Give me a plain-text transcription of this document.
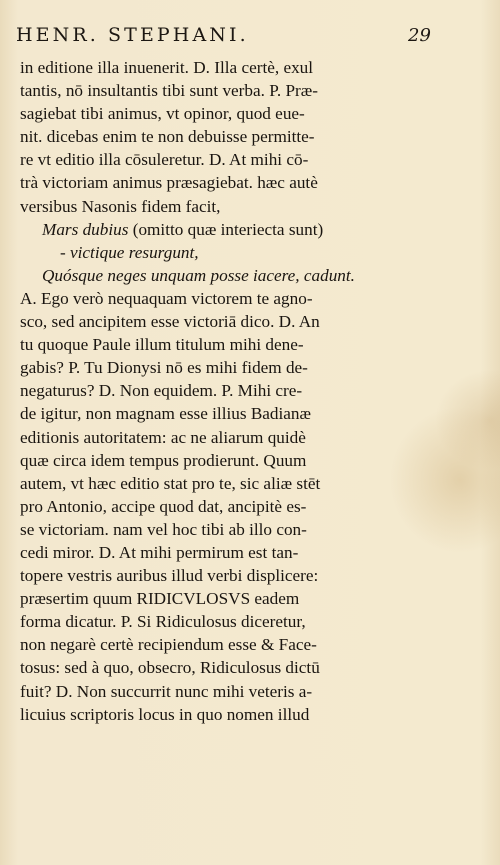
HENR. STEPHANI.	29
in editione illa inuenerit. D. Illa certè, exul
tantis, nō insultantis tibi sunt verba. P. Præ-
sagiebat tibi animus, vt opinor, quod eue-
nit. dicebas enim te non debuisse permitte-
re vt editio illa cōsuleretur. D. At mihi cō-
trà victoriam animus præsagiebat. hæc autè
versibus Nasonis fidem facit,
Mars dubius (omitto quæ interiecta sunt)
- victique resurgunt,
Quósque neges unquam posse iacere, cadunt.
A. Ego verò nequaquam victorem te agno-
sco, sed ancipitem esse victoriā dico. D. An
tu quoque Paule illum titulum mihi dene-
gabis? P. Tu Dionysi nō es mihi fidem de-
negaturus? D. Non equidem. P. Mihi cre-
de igitur, non magnam esse illius Badianæ
editionis autoritatem: ac ne aliarum quidè
quæ circa idem tempus prodierunt. Quum
autem, vt hæc editio stat pro te, sic aliæ stēt
pro Antonio, accipe quod dat, ancipitè es-
se victoriam. nam vel hoc tibi ab illo con-
cedi miror. D. At mihi permirum est tan-
topere vestris auribus illud verbi displicere:
præsertim quum RIDICVLOSVS eadem
forma dicatur. P. Si Ridiculosus diceretur,
non negarè certè recipiendum esse & Face-
tosus: sed à quo, obsecro, Ridiculosus dictū
fuit? D. Non succurrit nunc mihi veteris a-
licuius scriptoris locus in quo nomen illud
